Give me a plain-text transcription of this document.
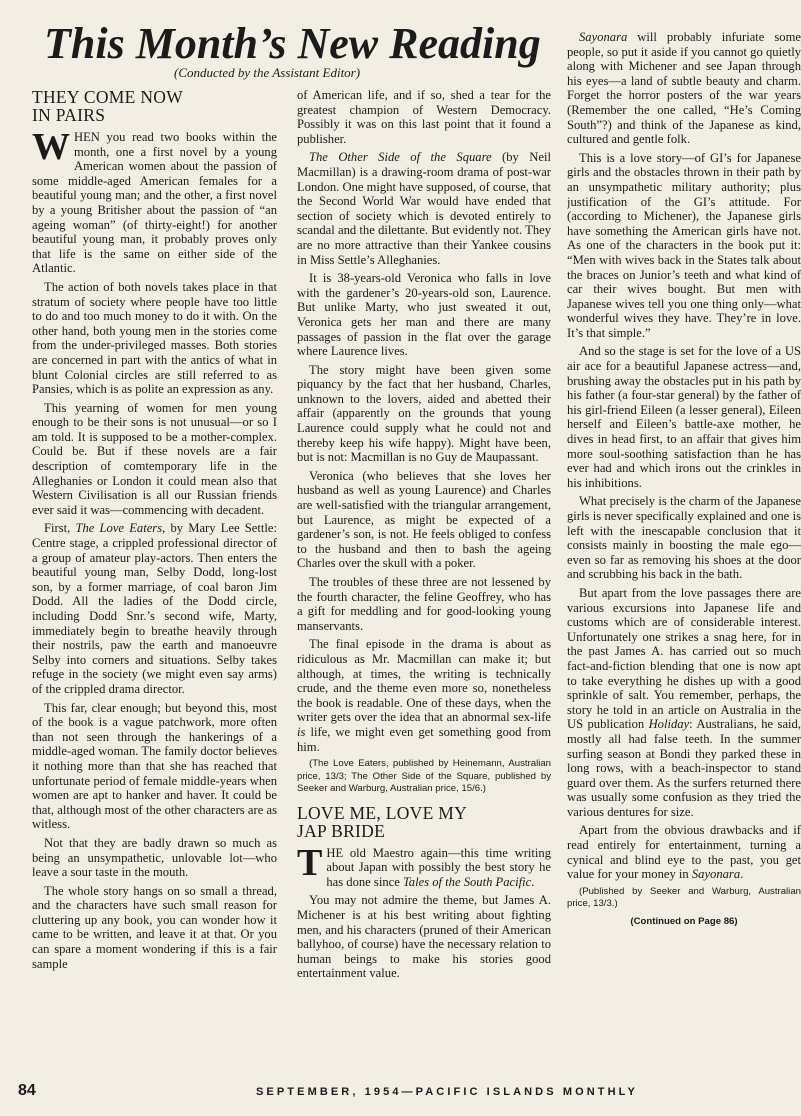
This Month’s New Reading
(Conducted by the Assistant Editor)
THEY COME NOW
IN PAIRS

WHEN you read two books within the month, one a first novel by a young American women about the passion of some middle-aged American females for a beautiful young man; and the other, a first novel by a young Britisher about the passion of “an ageing woman” (of thirty-eight!) for another beautiful young man, it probably proves only that life is the same on either side of the Atlantic.

The action of both novels takes place in that stratum of society where people have too little to do and too much money to do it with. On the other hand, both young men in the stories come from the under-privileged masses. Both stories are concerned in part with the antics of what in blunt Colonial circles are still referred to as Pansies, which is as polite an expression as any.

This yearning of women for men young enough to be their sons is not unusual—or so I am told. It is supposed to be a mother-complex. Could be. But if these novels are a fair description of comtemporary life in the Alleghanies or London it could mean also that Western Civilisation is all our Russian friends ever said it was—commencing with decadent.

First, The Love Eaters, by Mary Lee Settle: Centre stage, a crippled professional director of a group of amateur play-actors. Then enters the beautiful young man, Selby Dodd, long-lost son, by a former marriage, of coal baron Jim Dodd. All the ladies of the Dodd circle, including Dodd Snr.’s second wife, Marty, immediately begin to breathe heavily through their nostrils, paw the earth and manoeuvre Selby into corners and situations. Selby takes refuge in the society (we might even say arms) of the crippled drama director.

This far, clear enough; but beyond this, most of the book is a vague patchwork, more often than not seen through the hankerings of a middle-aged woman. The family doctor believes it nothing more than that she has reached that unfortunate period of female middle-years when women are apt to hanker and haver. It could be that, although most of the other characters are as witless.

Not that they are badly drawn so much as being an unsympathetic, unlovable lot—who leave a sour taste in the mouth.

The whole story hangs on so small a thread, and the characters have such small reason for cluttering up any book, you can wonder how it came to be written, and leave it at that. Or you can spare a moment wondering if this is a fair sample

of American life, and if so, shed a tear for the greatest champion of Western Democracy. Possibly it was on this last point that it found a publisher.

The Other Side of the Square (by Neil Macmillan) is a drawing-room drama of post-war London. One might have supposed, of course, that the Second World War would have ended that section of society which is devoted entirely to scandal and the dilettante. But evidently not. They are no more attractive than their Yankee cousins in Miss Settle’s Alleghanies.

It is 38-years-old Veronica who falls in love with the gardener’s 20-years-old son, Laurence. But unlike Marty, who just sweated it out, Veronica gets her man and there are many passages of passion in the flat over the garage where Laurence lives.

The story might have been given some piquancy by the fact that her husband, Charles, unknown to the lovers, aided and abetted their affair (apparently on the grounds that young Laurence could supply what he could not and thereby keep his wife happy). Might have been, but is not: Macmillan is no Guy de Maupassant.

Veronica (who believes that she loves her husband as well as young Laurence) and Charles are well-satisfied with the triangular arrangement, but Laurence, as might be expected of a gardener’s son, is not. He feels obliged to confess to the husband and then to bash the ageing Charles over the skull with a poker.

The troubles of these three are not lessened by the fourth character, the feline Geoffrey, who has a gift for meddling and for good-looking young manservants.

The final episode in the drama is about as ridiculous as Mr. Macmillan can make it; but although, at times, the writing is technically crude, and the theme even more so, nonetheless the book is readable. One of these days, when the writer gets over the idea that an abnormal sex-life is life, we might even get something good from him.

(The Love Eaters, published by Heinemann, Australian price, 13/3; The Other Side of the Square, published by Seeker and Warburg, Australian price, 15/6.)

LOVE ME, LOVE MY
JAP BRIDE

THE old Maestro again—this time writing about Japan with possibly the best story he has done since Tales of the South Pacific.

You may not admire the theme, but James A. Michener is at his best writing about fighting men, and his characters (pruned of their American ballyhoo, of course) have the necessary relation to human beings to make his stories good entertainment value.

Sayonara will probably infuriate some people, so put it aside if you cannot go quietly along with Michener and see Japan through his eyes—a land of subtle beauty and charm. Forget the horror posters of the war years (Remember the one called, “He’s Coming South”?) and think of the Japanese as kind, cultured and gentle folk.

This is a love story—of GI’s for Japanese girls and the obstacles thrown in their path by an unsympathetic military authority; plus justification of the GI’s attitude. For (according to Michener), the Japanese girls have something the American girls have not. As one of the characters in the book put it: “Men with wives back in the States talk about the braces on Junior’s teeth and what kind of car their wives bought. But men with Japanese wives tell you one thing only—what wonderful wives they have. They’re in love. It’s that simple.”

And so the stage is set for the love of a US air ace for a beautiful Japanese actress—and, brushing away the obstacles put in his path by his father (a four-star general) by the father of his girl-friend Eileen (a lesser general), Eileen herself and Eileen’s battle-axe mother, he dives in head first, to an affair that gives him more soul-soothing satisfaction than he has ever had and which irons out the crinkles in his inhibitions.

What precisely is the charm of the Japanese girls is never specifically explained and one is left with the inescapable conclusion that it consists mainly in boosting the male ego—even so far as removing his shoes at the door and scrubbing his back in the bath.

But apart from the love passages there are various excursions into Japanese life and customs which are of considerable interest. Unfortunately one strikes a snag here, for in the past James A. has carried out so much fact-and-fiction blending that one is now apt to take everything he dishes up with a good sprinkle of salt. You remember, perhaps, the story he told in an article on Australia in the US publication Holiday: Australians, he said, mostly all had false teeth. In the summer surfing season at Bondi they parked these in long rows, with a beach-inspector to stand guard over them. As the surfers returned there was usually some confusion as they tried the various dentures for size.

Apart from the obvious drawbacks and if read entirely for entertainment, turning a cynical and blind eye to the past, you get value for your money in Sayonara.

(Published by Seeker and Warburg, Australian price, 13/3.)

(Continued on Page 86)

84	SEPTEMBER, 1954—PACIFIC ISLANDS MONTHLY
